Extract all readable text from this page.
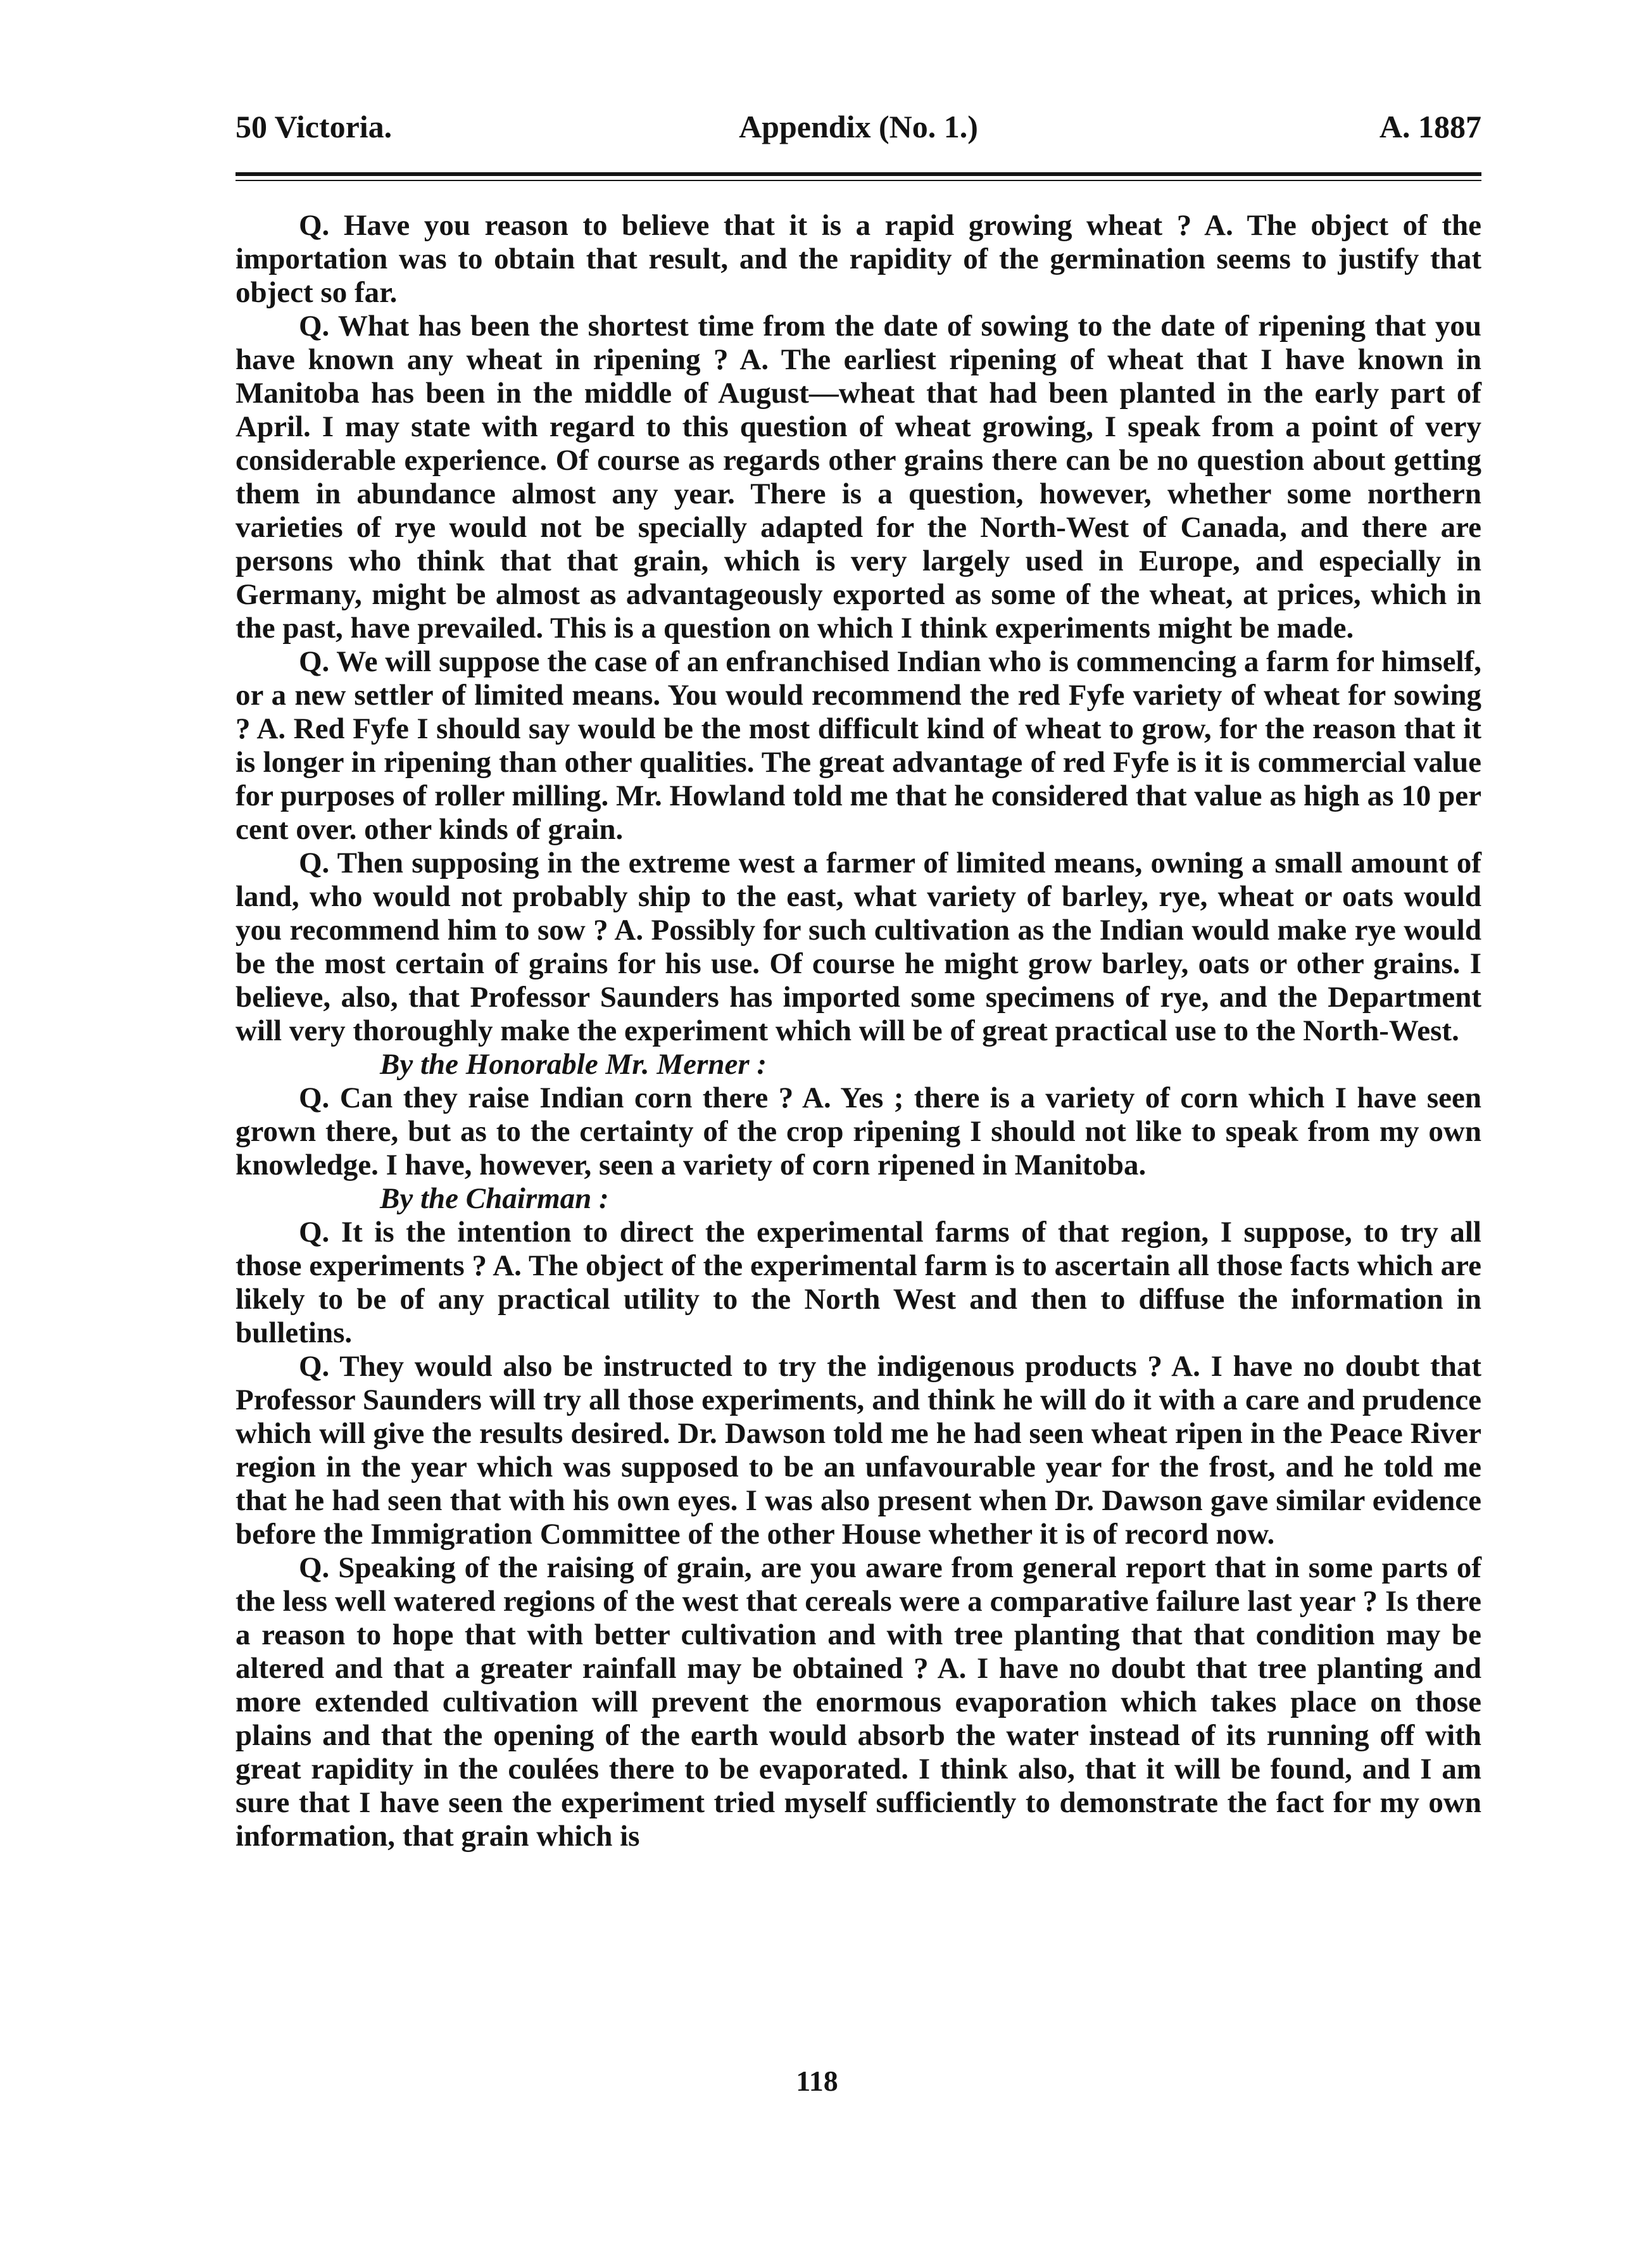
50 Victoria.	Appendix (No. 1.)	A. 1887

Q. Have you reason to believe that it is a rapid growing wheat ? A. The object of the importation was to obtain that result, and the rapidity of the germination seems to justify that object so far.

Q. What has been the shortest time from the date of sowing to the date of ripening that you have known any wheat in ripening ? A. The earliest ripening of wheat that I have known in Manitoba has been in the middle of August—wheat that had been planted in the early part of April. I may state with regard to this question of wheat growing, I speak from a point of very considerable experience. Of course as regards other grains there can be no question about getting them in abundance almost any year. There is a question, however, whether some northern varieties of rye would not be specially adapted for the North-West of Canada, and there are persons who think that that grain, which is very largely used in Europe, and especially in Germany, might be almost as advantageously exported as some of the wheat, at prices, which in the past, have prevailed. This is a question on which I think experiments might be made.

Q. We will suppose the case of an enfranchised Indian who is commencing a farm for himself, or a new settler of limited means. You would recommend the red Fyfe variety of wheat for sowing ? A. Red Fyfe I should say would be the most difficult kind of wheat to grow, for the reason that it is longer in ripening than other qualities. The great advantage of red Fyfe is it is commercial value for purposes of roller milling. Mr. Howland told me that he considered that value as high as 10 per cent over. other kinds of grain.

Q. Then supposing in the extreme west a farmer of limited means, owning a small amount of land, who would not probably ship to the east, what variety of barley, rye, wheat or oats would you recommend him to sow ? A. Possibly for such cultivation as the Indian would make rye would be the most certain of grains for his use. Of course he might grow barley, oats or other grains. I believe, also, that Professor Saunders has imported some specimens of rye, and the Department will very thoroughly make the experiment which will be of great practical use to the North-West.

By the Honorable Mr. Merner :

Q. Can they raise Indian corn there ? A. Yes ; there is a variety of corn which I have seen grown there, but as to the certainty of the crop ripening I should not like to speak from my own knowledge. I have, however, seen a variety of corn ripened in Manitoba.

By the Chairman :

Q. It is the intention to direct the experimental farms of that region, I suppose, to try all those experiments ? A. The object of the experimental farm is to ascertain all those facts which are likely to be of any practical utility to the North West and then to diffuse the information in bulletins.

Q. They would also be instructed to try the indigenous products ? A. I have no doubt that Professor Saunders will try all those experiments, and think he will do it with a care and prudence which will give the results desired. Dr. Dawson told me he had seen wheat ripen in the Peace River region in the year which was supposed to be an unfavourable year for the frost, and he told me that he had seen that with his own eyes. I was also present when Dr. Dawson gave similar evidence before the Immigration Committee of the other House whether it is of record now.

Q. Speaking of the raising of grain, are you aware from general report that in some parts of the less well watered regions of the west that cereals were a comparative failure last year ? Is there a reason to hope that with better cultivation and with tree planting that that condition may be altered and that a greater rainfall may be obtained ? A. I have no doubt that tree planting and more extended cultivation will prevent the enormous evaporation which takes place on those plains and that the opening of the earth would absorb the water instead of its running off with great rapidity in the coulées there to be evaporated. I think also, that it will be found, and I am sure that I have seen the experiment tried myself sufficiently to demonstrate the fact for my own information, that grain which is

118
